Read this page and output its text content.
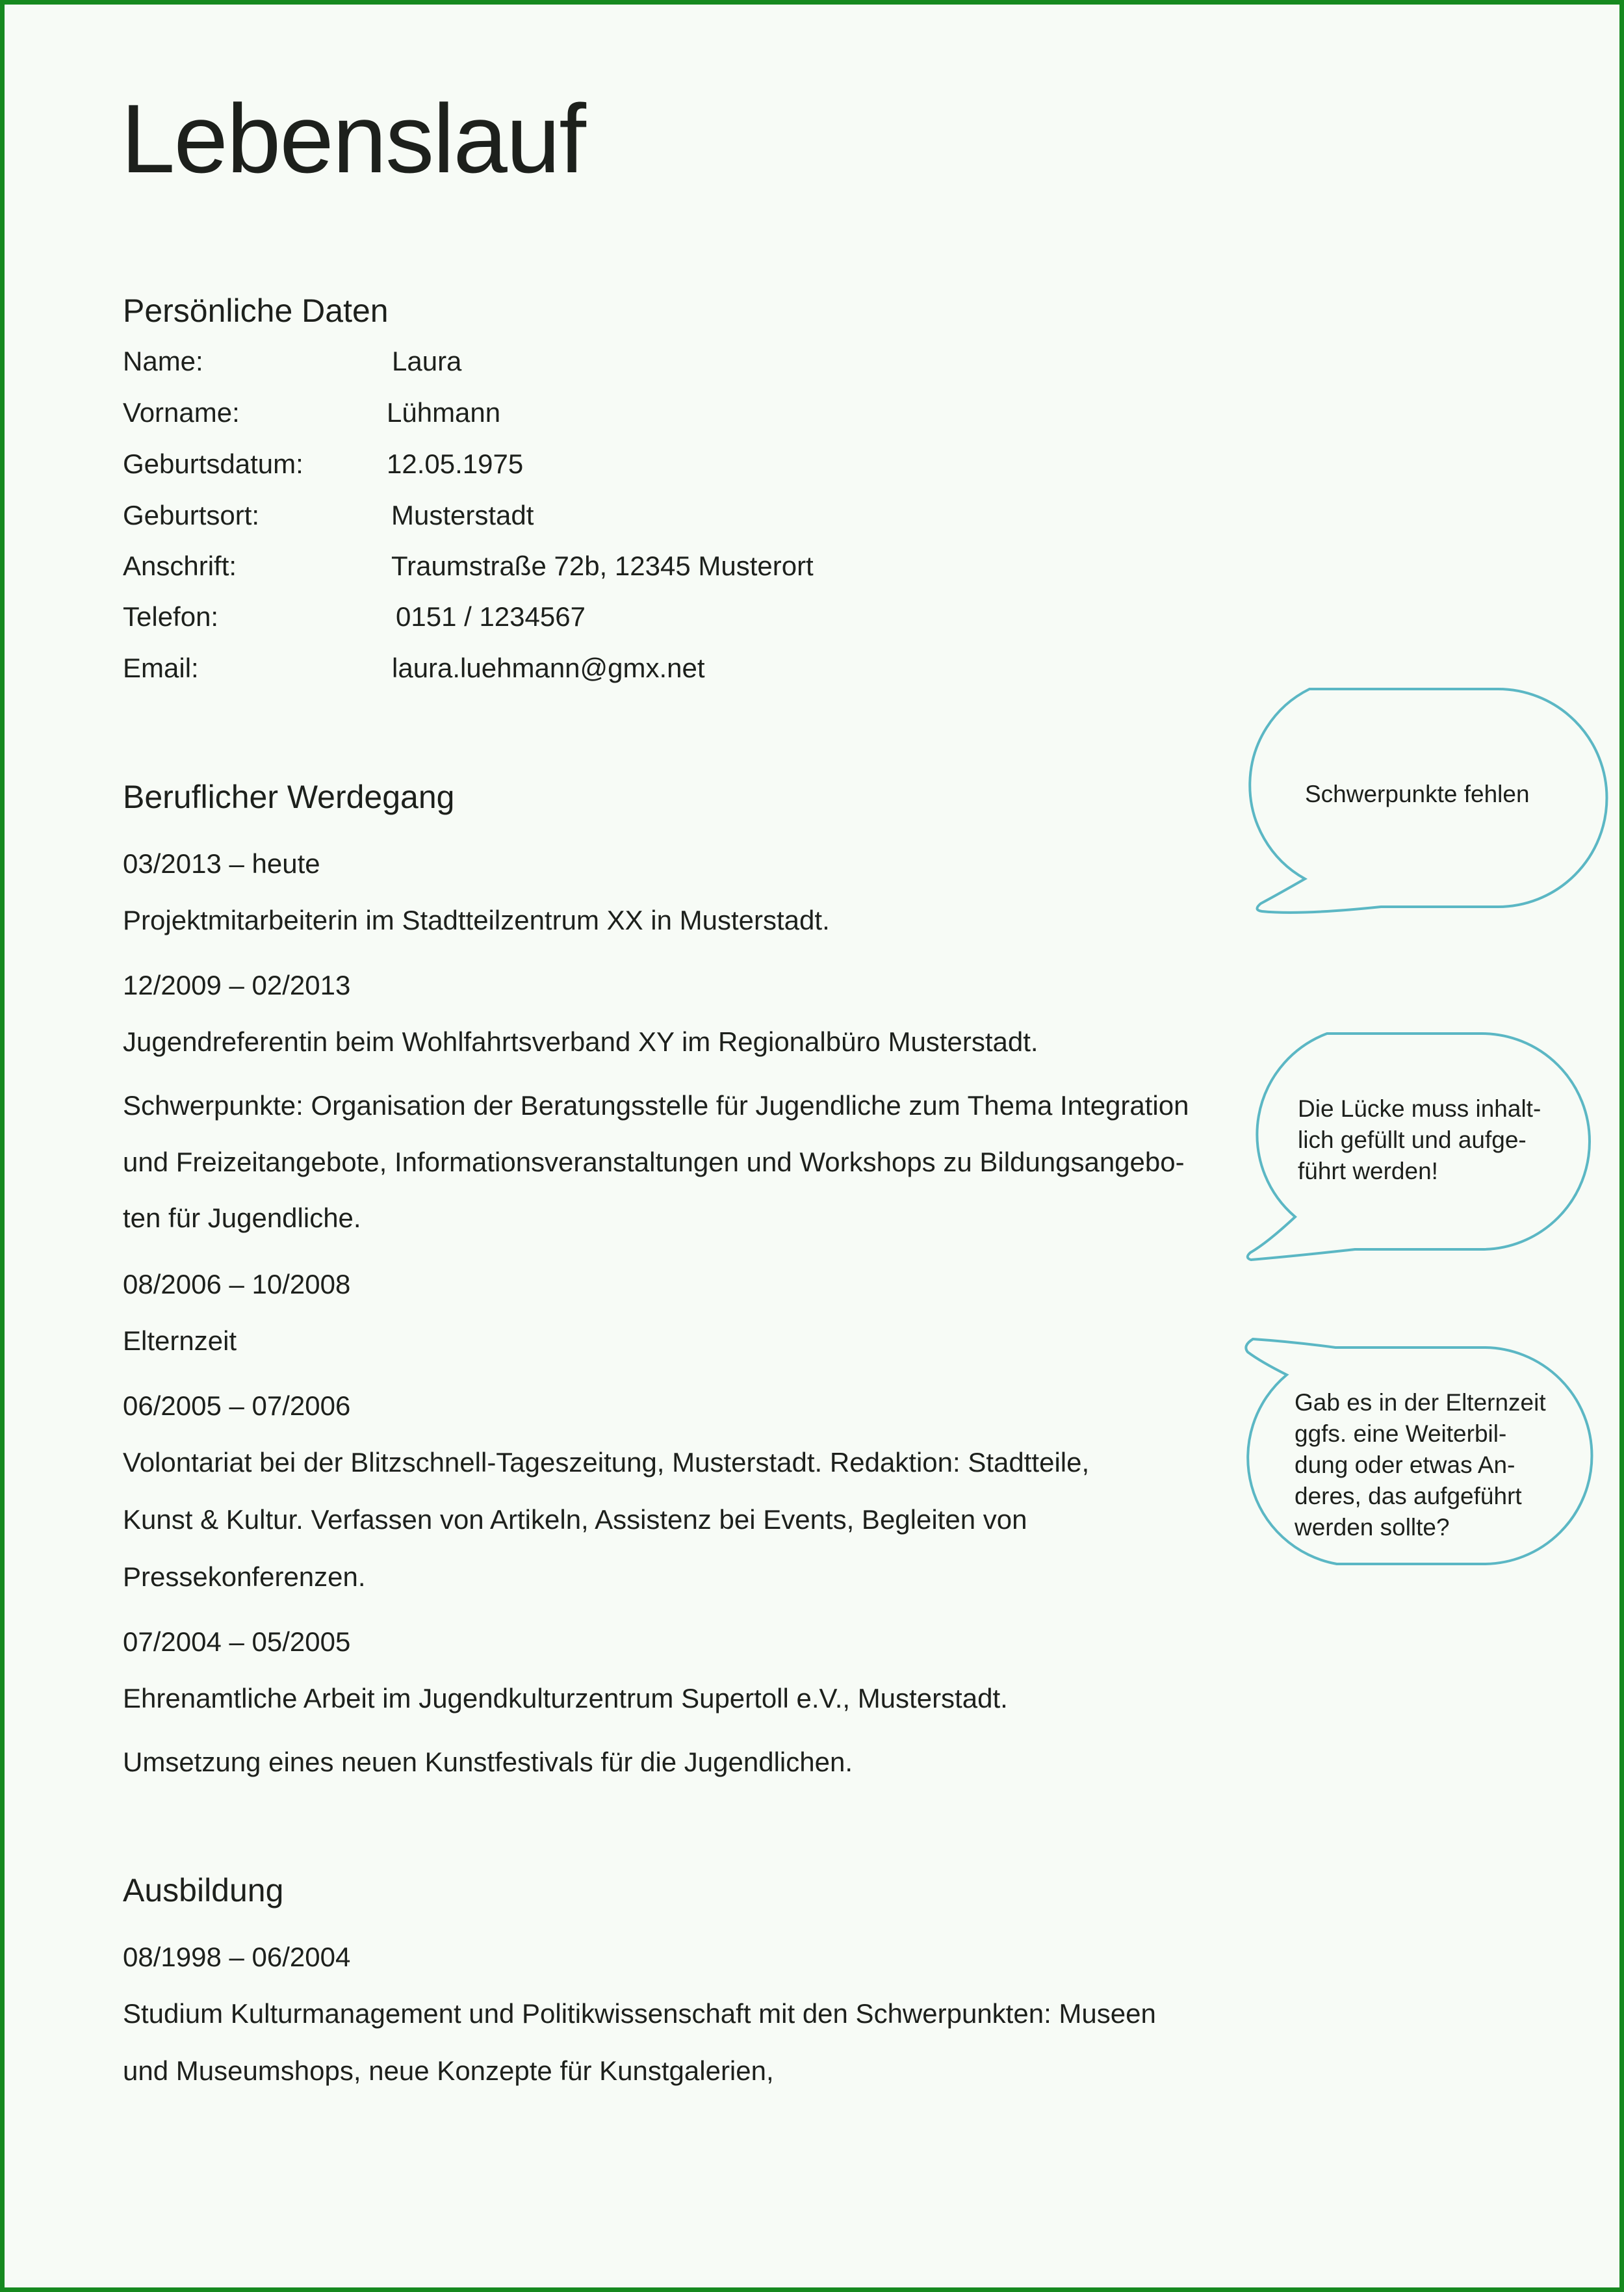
Lebenslauf
Persönliche Daten
Name:	Laura
Vorname:	Lühmann
Geburtsdatum:	12.05.1975
Geburtsort:	Musterstadt
Anschrift:	Traumstraße 72b, 12345 Musterort
Telefon:	0151 / 1234567
Email:	laura.luehmann@gmx.net
Beruflicher Werdegang
03/2013 – heute
Projektmitarbeiterin im Stadtteilzentrum XX in Musterstadt.
12/2009 – 02/2013
Jugendreferentin beim Wohlfahrtsverband XY im Regionalbüro Musterstadt.
Schwerpunkte: Organisation der Beratungsstelle für Jugendliche zum Thema Integration
und Freizeitangebote, Informationsveranstaltungen und Workshops zu Bildungsangebo-
ten für Jugendliche.
08/2006 – 10/2008
Elternzeit
06/2005 – 07/2006
Volontariat bei der Blitzschnell-Tageszeitung, Musterstadt. Redaktion: Stadtteile,
Kunst & Kultur. Verfassen von Artikeln, Assistenz bei Events, Begleiten von
Pressekonferenzen.
07/2004 – 05/2005
Ehrenamtliche Arbeit im Jugendkulturzentrum Supertoll e.V., Musterstadt.
Umsetzung eines neuen Kunstfestivals für die Jugendlichen.
Ausbildung
08/1998 – 06/2004
Studium Kulturmanagement und Politikwissenschaft mit den Schwerpunkten: Museen
und Museumshops, neue Konzepte für Kunstgalerien,
Schwerpunkte fehlen
Die Lücke muss inhalt-
lich gefüllt und aufge-
führt werden!
Gab es in der Elternzeit
ggfs. eine Weiterbil-
dung oder etwas An-
deres, das aufgeführt
werden sollte?
